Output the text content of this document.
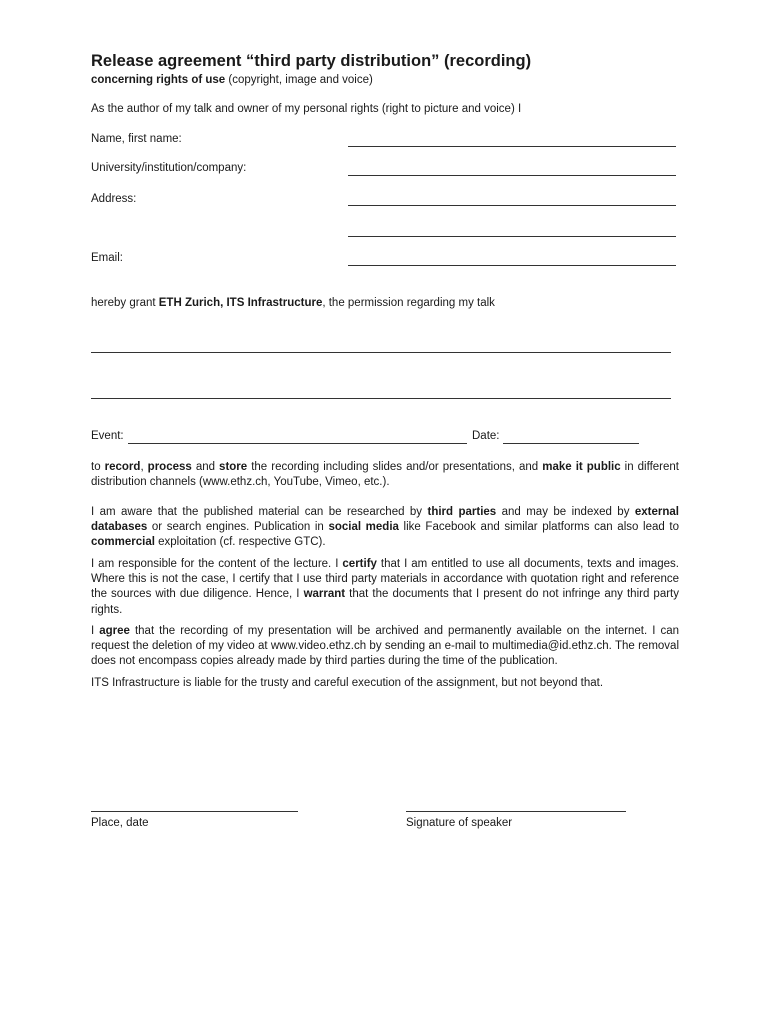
Release agreement “third party distribution” (recording)
concerning rights of use (copyright, image and voice)
As the author of my talk and owner of my personal rights (right to picture and voice) I
Name, first name:
University/institution/company:
Address:
Email:
hereby grant ETH Zurich, ITS Infrastructure, the permission regarding my talk
Event:	Date:
to record, process and store the recording including slides and/or presentations, and make it public in different distribution channels (www.ethz.ch, YouTube, Vimeo, etc.).
I am aware that the published material can be researched by third parties and may be indexed by external databases or search engines. Publication in social media like Facebook and similar platforms can also lead to commercial exploitation (cf. respective GTC).
I am responsible for the content of the lecture. I certify that I am entitled to use all documents, texts and images. Where this is not the case, I certify that I use third party materials in accordance with quotation right and reference the sources with due diligence. Hence, I warrant that the documents that I present do not infringe any third party rights.
I agree that the recording of my presentation will be archived and permanently available on the internet. I can request the deletion of my video at www.video.ethz.ch by sending an e-mail to multimedia@id.ethz.ch. The removal does not encompass copies already made by third parties during the time of the publication.
ITS Infrastructure is liable for the trusty and careful execution of the assignment, but not beyond that.
Place, date	Signature of speaker
